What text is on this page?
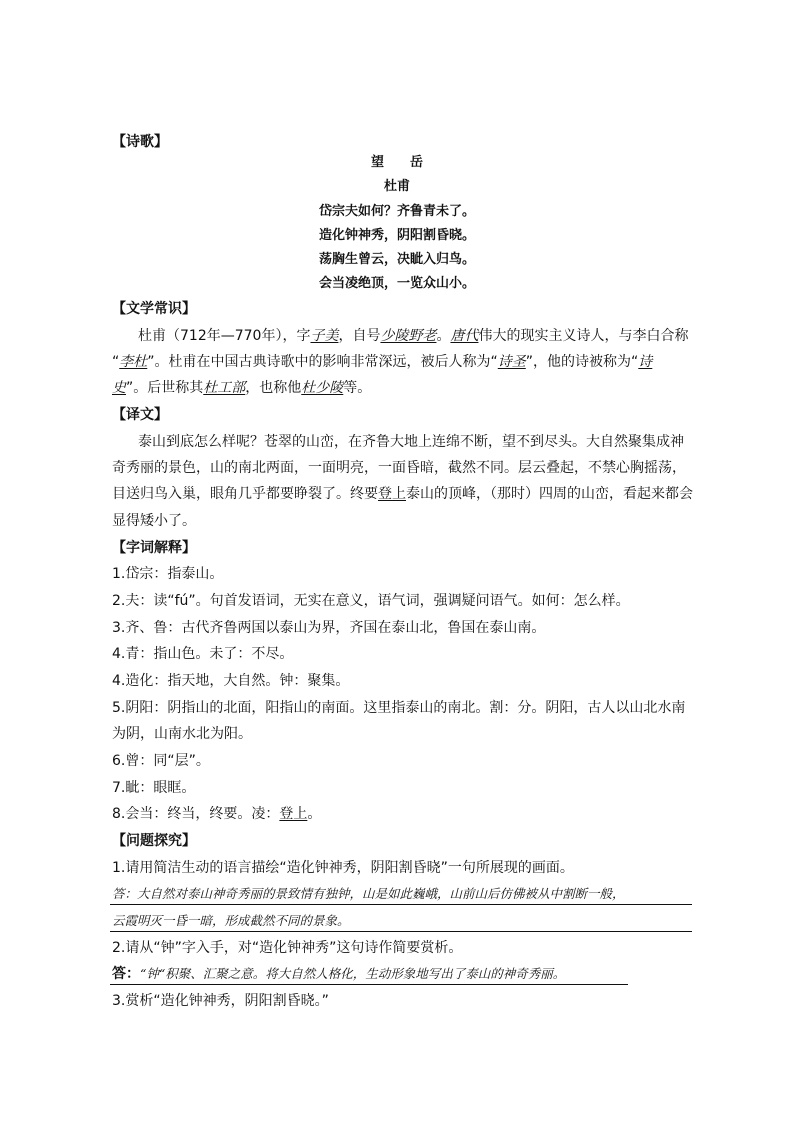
【诗歌】
望　　岳
杜甫
岱宗夫如何？齐鲁青未了。
造化钟神秀，阴阳割昏晓。
荡胸生曾云，决眦入归鸟。
会当凌绝顶，一览众山小。
【文学常识】
杜甫（712年—770年），字子美，自号少陵野老。唐代伟大的现实主义诗人，与李白合称
“李杜”。杜甫在中国古典诗歌中的影响非常深远，被后人称为“诗圣”，他的诗被称为“诗
史”。后世称其杜工部，也称他杜少陵等。
【译文】
泰山到底怎么样呢？苍翠的山峦，在齐鲁大地上连绵不断，望不到尽头。大自然聚集成神
奇秀丽的景色，山的南北两面，一面明亮，一面昏暗，截然不同。层云叠起，不禁心胸摇荡，
目送归鸟入巢，眼角几乎都要睁裂了。终要登上泰山的顶峰，（那时）四周的山峦，看起来都会
显得矮小了。
【字词解释】
1.岱宗：指泰山。
2.夫：读“fú”。句首发语词，无实在意义，语气词，强调疑问语气。如何：怎么样。
3.齐、鲁：古代齐鲁两国以泰山为界，齐国在泰山北，鲁国在泰山南。
4.青：指山色。未了：不尽。
4.造化：指天地，大自然。钟：聚集。
5.阴阳：阴指山的北面，阳指山的南面。这里指泰山的南北。割：分。阴阳，古人以山北水南
为阴，山南水北为阳。
6.曾：同“层”。
7.眦：眼眶。
8.会当：终当，终要。凌：登上。
【问题探究】
1.请用简洁生动的语言描绘“造化钟神秀，阴阳割昏晓”一句所展现的画面。
答：大自然对泰山神奇秀丽的景致情有独钟，山是如此巍峨，山前山后仿佛被从中割断一般，
云霞明灭一昏一暗，形成截然不同的景象。
2.请从“钟”字入手，对“造化钟神秀”这句诗作简要赏析。
答：“钟“积聚、汇聚之意。将大自然人格化，生动形象地写出了泰山的神奇秀丽。
3.赏析“造化钟神秀，阴阳割昏晓。”
